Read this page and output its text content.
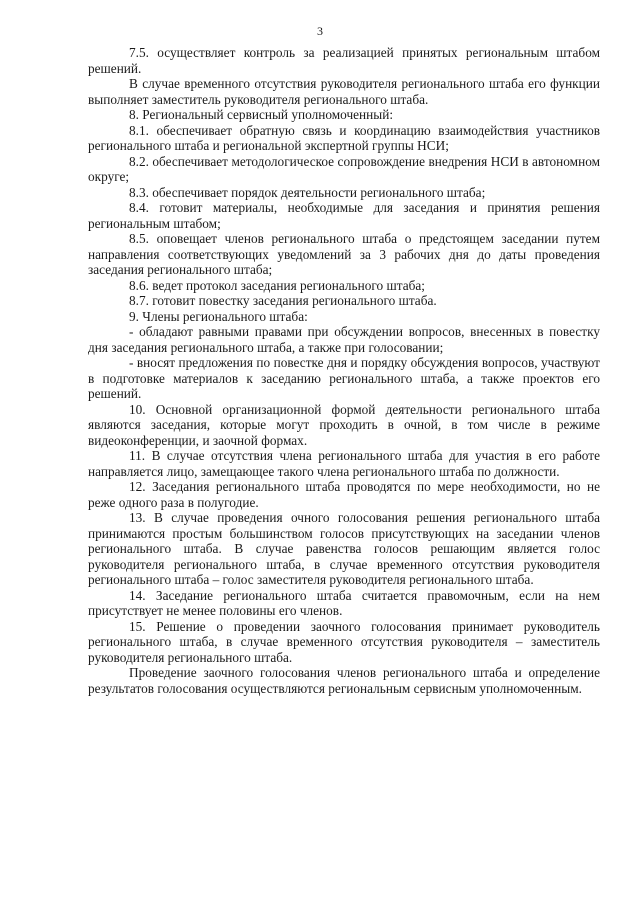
3

7.5. осуществляет контроль за реализацией принятых региональным штабом решений.

В случае временного отсутствия руководителя регионального штаба его функции выполняет заместитель руководителя регионального штаба.

8. Региональный сервисный уполномоченный:

8.1. обеспечивает обратную связь и координацию взаимодействия участников регионального штаба и региональной экспертной группы НСИ;

8.2. обеспечивает методологическое сопровождение внедрения НСИ в автономном округе;

8.3. обеспечивает порядок деятельности регионального штаба;

8.4. готовит материалы, необходимые для заседания и принятия решения региональным штабом;

8.5. оповещает членов регионального штаба о предстоящем заседании путем направления соответствующих уведомлений за 3 рабочих дня до даты проведения заседания регионального штаба;

8.6. ведет протокол заседания регионального штаба;

8.7. готовит повестку заседания регионального штаба.

9. Члены регионального штаба:

- обладают равными правами при обсуждении вопросов, внесенных в повестку дня заседания регионального штаба, а также при голосовании;

- вносят предложения по повестке дня и порядку обсуждения вопросов, участвуют в подготовке материалов к заседанию регионального штаба, а также проектов его решений.

10. Основной организационной формой деятельности регионального штаба являются заседания, которые могут проходить в очной, в том числе в режиме видеоконференции, и заочной формах.

11. В случае отсутствия члена регионального штаба для участия в его работе направляется лицо, замещающее такого члена регионального штаба по должности.

12. Заседания регионального штаба проводятся по мере необходимости, но не реже одного раза в полугодие.

13. В случае проведения очного голосования решения регионального штаба принимаются простым большинством голосов присутствующих на заседании членов регионального штаба. В случае равенства голосов решающим является голос руководителя регионального штаба, в случае временного отсутствия руководителя регионального штаба – голос заместителя руководителя регионального штаба.

14. Заседание регионального штаба считается правомочным, если на нем присутствует не менее половины его членов.

15. Решение о проведении заочного голосования принимает руководитель регионального штаба, в случае временного отсутствия руководителя – заместитель руководителя регионального штаба.

Проведение заочного голосования членов регионального штаба и определение результатов голосования осуществляются региональным сервисным уполномоченным.
